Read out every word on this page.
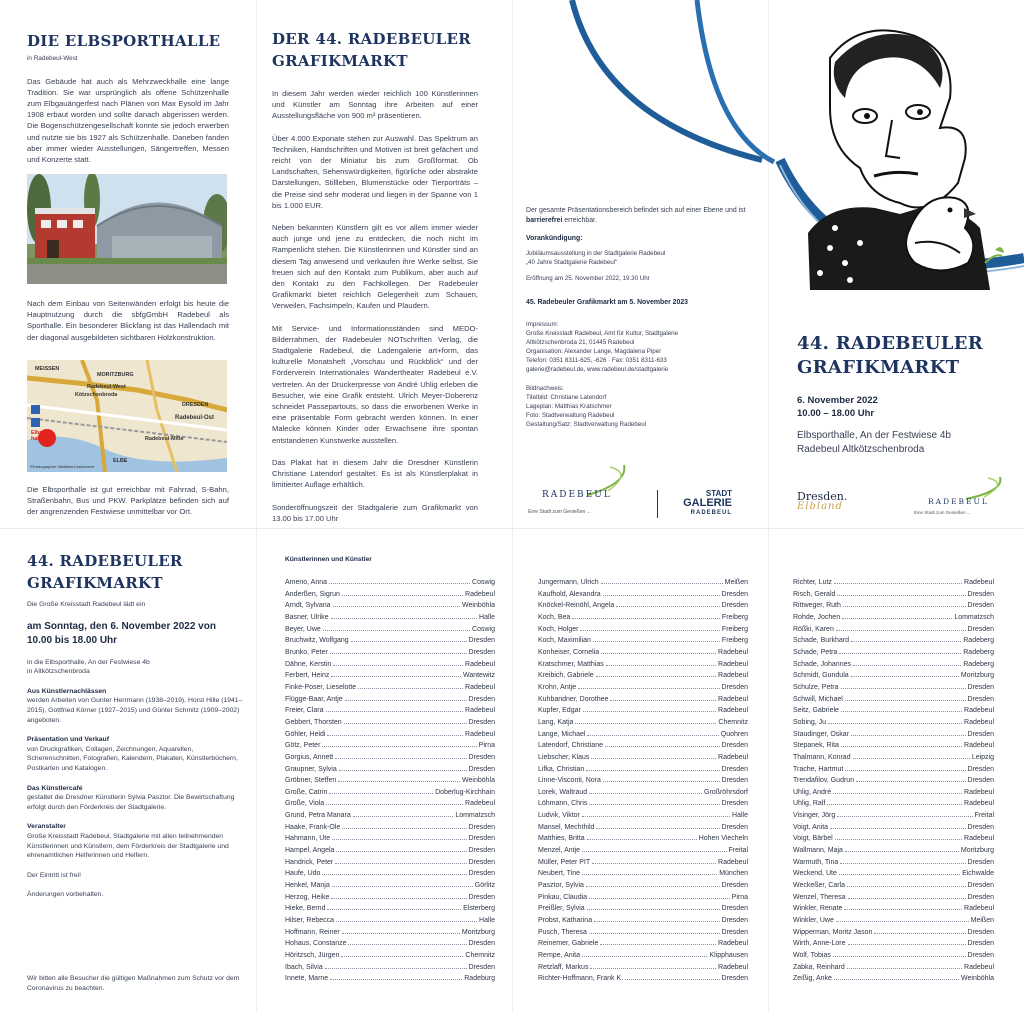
DIE ELBSPORTHALLE
in Radebeul-West
Das Gebäude hat auch als Mehrzweckhalle eine lange Tradition. Sie war ursprünglich als offene Schützenhalle zum Elbgauängerfest nach Plänen von Max Eysold im Jahr 1908 erbaut worden und sollte danach abgerissen werden. Die Bogenschützengesellschaft konnte sie jedoch erwerben und nutzte sie bis 1927 als Schützenhalle. Daneben fanden aber immer wieder Ausstellungen, Sängertreffen, Messen und Konzerte statt.
Nach dem Einbau von Seitenwänden erfolgt bis heute die Hauptnutzung durch die sbfgGmbH Radebeul als Sporthalle. Ein besonderer Blickfang ist das Hallendach mit der diagonal ausgebildeten sichtbaren Holzkonstruktion.
MEISSEN
MORITZBURG
Radebeul-West
Kötzschenbroda
DRESDEN
Radebeul-Ost
Radebeul-Mitte
Elbsport-
halle
ELBE
©Kartographie: Matthias Kratschmer
Die Elbsporthalle ist gut erreichbar mit Fahrrad, S-Bahn, Straßenbahn, Bus und PKW. Parkplätze befinden sich auf der angrenzenden Festwiese unmittelbar vor Ort.
DER 44. RADEBEULER
GRAFIKMARKT

In diesem Jahr werden wieder reichlich 100 Künstlerinnen und Künstler am Sonntag ihre Arbeiten auf einer Ausstellungsfläche von 900 m² präsentieren.

Über 4.000 Exponate stehen zur Auswahl. Das Spektrum an Techniken, Handschriften und Motiven ist breit gefächert und reicht von der Miniatur bis zum Großformat. Ob Landschaften, Sehenswürdigkeiten, figürliche oder abstrakte Darstellungen, Stillleben, Blumenstücke oder Tierporträts – die Preise sind sehr moderat und liegen in der Spanne von 1 bis 1.000 EUR.

Neben bekannten Künstlern gilt es vor allem immer wieder auch junge und jene zu entdecken, die noch nicht im Rampenlicht stehen. Die Künstlerinnen und Künstler sind an diesem Tag anwesend und verkaufen ihre Werke selbst. Sie freuen sich auf den Kontakt zum Publikum, aber auch auf den Kontakt zu den Fachkollegen. Der Radebeuler Grafikmarkt bietet reichlich Gelegenheit zum Schauen, Verweilen, Fachsimpeln, Kaufen und Plaudern.

Mit Service- und Informationsständen sind MEDO-Bilderrahmen, der Radebeuler NOTschriften Verlag, die Stadtgalerie Radebeul, die Ladengalerie art+form, das kulturelle Monatsheft „Vorschau und Rückblick“ und der Förderverein Internationales Wandertheater Radebeul e.V. vertreten. An der Druckerpresse von André Uhlig erleben die Besucher, wie eine Grafik entsteht. Ulrich Meyer-Doberenz schneidet Passepartouts, so dass die erworbenen Werke in eine präsentable Form gebracht werden können. In einer Malecke können Kinder oder Erwachsene ihre spontan entstandenen Kunstwerke ausstellen.

Das Plakat hat in diesem Jahr die Dresdner Künstlerin Christiane Latendorf gestaltet. Es ist als Künstlerplakat in limitierter Auflage erhältlich.

Sonderöffnungszeit der Stadtgalerie zum Grafikmarkt von 13.00 bis 17.00 Uhr

Der gesamte Präsentationsbereich befindet sich auf einer Ebene und ist barrierefrei erreichbar.
Vorankündigung:
Jubiläumsausstellung in der Stadtgalerie Radebeul
„40 Jahre Stadtgalerie Radebeul“
Eröffnung am 25. November 2022, 19.30 Uhr
45. Radebeuler Grafikmarkt am 5. November 2023
Impressum:
Große Kreisstadt Radebeul, Amt für Kultur, Stadtgalerie
Altkötzschenbroda 21, 01445 Radebeul
Organisation: Alexander Lange, Magdalena Piper
Telefon: 0351 8311-625, -626 · Fax: 0351 8311-633
galerie@radebeul.de, www.radebeul.de/stadtgalerie
Bildnachweis:
Titelbild: Christiane Latendorf
Lageplan: Matthias Kratschmer
Foto: Stadtverwaltung Radebeul
Gestaltung/Satz: Stadtverwaltung Radebeul
RADEBEUL
Eine Stadt zum Genießen ...
STADT
GALERIE
RADEBEUL
44. RADEBEULER
GRAFIKMARKT
6. November 2022
10.00 – 18.00 Uhr
Elbsporthalle, An der Festwiese 4b
Radebeul Altkötzschenbroda
Dresden.
Elbland	RADEBEUL
Eine Stadt zum Genießen ...
44. RADEBEULER
GRAFIKMARKT
Die Große Kreisstadt Radebeul lädt ein
am Sonntag, den 6. November 2022 von
10.00 bis 18.00 Uhr
in die Elbsporthalle, An der Festwiese 4b
in Altkötzschenbroda
Aus Künstlernachlässen
werden Arbeiten von Gunter Herrmann (1938–2019), Horst Hille (1941–2015), Gottfried Körner (1927–2015) und Günter Schmitz (1909–2002) angeboten.
Präsentation und Verkauf
von Druckgrafiken, Collagen, Zeichnungen, Aquarellen, Scherenschnitten, Fotografien, Kalendern, Plakaten, Künstlerbüchern, Postkarten und Katalogen.
Das Künstlercafé
gestaltet die Dresdner Künstlerin Sylvia Pasztor. Die Bewirtschaftung erfolgt durch den Förderkreis der Stadtgalerie.
Veranstalter
Große Kreisstadt Radebeul, Stadtgalerie mit allen teilnehmenden Künstlerinnen und Künstlern, dem Förderkreis der Stadtgalerie und ehrenamtlichen Helferinnen und Helfern.
Der Eintritt ist frei!
Änderungen vorbehalten.
Wir bitten alle Besucher die gültigen Maßnahmen zum Schutz vor dem Coronavirus zu beachten.
Künstlerinnen und Künstler
Ameno, Anna	Coswig
Anderßen, Sigrun	Radebeul
Arndt, Sylvana	Weinböhla
Basner, Ulrike	Halle
Beyer, Uwe	Coswig
Bruchwitz, Wolfgang	Dresden
Brunko, Peter	Dresden
Dähne, Kerstin	Radebeul
Ferbert, Heinz	Wantewitz
Finke-Poser, Lieselotte	Radebeul
Flügge-Baar, Antje	Dresden
Freier, Clara	Radebeul
Gebbert, Thorsten	Dresden
Göhler, Heidi	Radebeul
Götz, Peter	Pirna
Gorgius, Annett	Dresden
Graupner, Sylvia	Dresden
Gröbner, Steffen	Weinböhla
Große, Catrin	Doberlug-Kirchhain
Große, Viola	Radebeul
Grund, Petra Manara	Lommatzsch
Haake, Frank-Ole	Dresden
Hahmann, Ute	Dresden
Hampel, Angela	Dresden
Handrick, Peter	Dresden
Haufe, Udo	Dresden
Henkel, Manja	Görlitz
Herzog, Heike	Dresden
Hieke, Bernd	Elsterberg
Hilser, Rebecca	Halle
Hoffmann, Reiner	Moritzburg
Hohaus, Constanze	Dresden
Höritzsch, Jürgen	Chemnitz
Ibach, Silvia	Dresden
Innete, Marne	Radeburg
Jungermann, Ulrich	Meißen
Kaufhold, Alexandra	Dresden
Knöckel-Reinöhl, Angela	Dresden
Koch, Bea	Freiberg
Koch, Holger	Freiberg
Koch, Maximilian	Freiberg
Konheiser, Cornelia	Radebeul
Kratschmer, Matthias	Radebeul
Kreibich, Gabriele	Radebeul
Krohn, Antje	Dresden
Kuhbandner, Dorothee	Radebeul
Kupfer, Edgar	Radebeul
Lang, Katja	Chemnitz
Lange, Michael	Quohren
Latendorf, Christiane	Dresden
Liebscher, Klaus	Radebeul
Lifka, Christian	Dresden
Linne-Visconti, Nora	Dresden
Lorek, Waltraud	Großröhrsdorf
Löhmann, Chris	Dresden
Ludvik, Viktor	Halle
Mansel, Mechthild	Dresden
Matthies, Britta	Hohen Viecheln
Menzel, Antje	Freital
Müller, Peter PIT	Radebeul
Neubert, Tine	München
Pasztor, Sylvia	Dresden
Pinkau, Claudia	Pirna
Preißler, Sylvia	Dresden
Probst, Katharina	Dresden
Pusch, Theresa	Dresden
Reinemer, Gabriele	Radebeul
Rempe, Anita	Klipphausen
Retzlaff, Markus	Radebeul
Richter-Hoffmann, Frank K.	Dresden
Richter, Lutz	Radebeul
Risch, Gerald	Dresden
Rittweger, Ruth	Dresden
Rohde, Jochen	Lommatzsch
Rößki, Karen	Dresden
Schade, Burkhard	Radeberg
Schade, Petra	Radeberg
Schade, Johannes	Radeberg
Schmidt, Gundula	Moritzburg
Schulze, Petra	Dresden
Schwill, Michael	Dresden
Seitz, Gabriele	Radebeul
Sobing, Ju	Radebeul
Staudinger, Oskar	Dresden
Stepanek, Rita	Radebeul
Thalmann, Konrad	Leipzig
Trache, Hartmut	Dresden
Trendafilov, Gudrun	Dresden
Uhlig, André	Radebeul
Uhlig, Ralf	Radebeul
Visinger, Jörg	Freital
Voigt, Anita	Dresden
Voigt, Bärbel	Radebeul
Wallmann, Maja	Moritzburg
Warmuth, Tina	Dresden
Weckend, Ute	Eichwalde
Weckeßer, Carla	Dresden
Wenzel, Theresa	Dresden
Winkler, Renate	Radebeul
Winkler, Uwe	Meißen
Wipperman, Moritz Jason	Dresden
Wirth, Anne-Lore	Dresden
Wolf, Tobias	Dresden
Zabka, Reinhard	Radebeul
Zeißig, Anke	Weinböhla
